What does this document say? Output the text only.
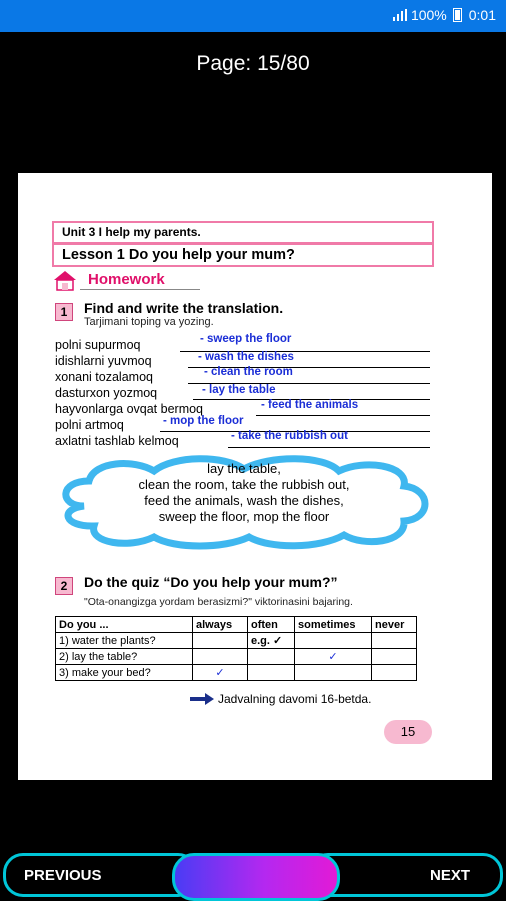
100% 0:01
Page: 15/80
Unit 3 I help my parents.
Lesson 1 Do you help your mum?
Homework
1	Find and write the translation.
Tarjimani toping va yozing.
polni supurmoq	- sweep the floor
idishlarni yuvmoq	- wash the dishes
xonani tozalamoq	- clean the room
dasturxon yozmoq	- lay the table
hayvonlarga ovqat bermoq	- feed the animals
polni artmoq	- mop the floor
axlatni tashlab kelmoq	- take the rubbish out
lay the table,
clean the room, take the rubbish out,
feed the animals, wash the dishes,
sweep the floor, mop the floor
2	Do the quiz “Do you help your mum?”
"Ota-onangizga yordam berasizmi?" viktorinasini bajaring.
Do you ...	always	often	sometimes	never
1) water the plants?		e.g. ✓		
2) lay the table?			✓	
3) make your bed?	✓			
Jadvalning davomi 16-betda.
15
PREVIOUS	NEXT
